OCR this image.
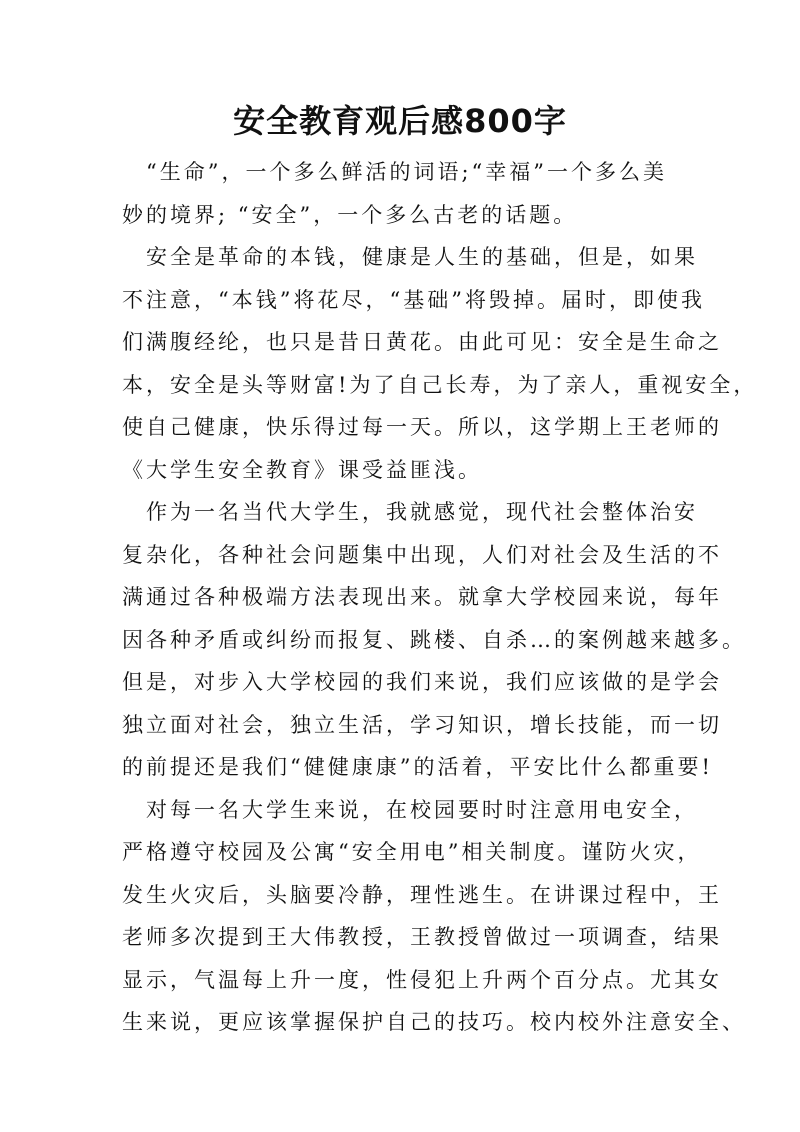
安全教育观后感800字
　“生命”，一个多么鲜活的词语;“幸福”一个多么美
妙的境界; “安全”，一个多么古老的话题。
　安全是革命的本钱，健康是人生的基础，但是，如果
不注意，“本钱”将花尽，“基础”将毁掉。届时，即使我
们满腹经纶，也只是昔日黄花。由此可见：安全是生命之
本，安全是头等财富!为了自己长寿，为了亲人，重视安全，
使自己健康，快乐得过每一天。所以，这学期上王老师的
《大学生安全教育》课受益匪浅。
　作为一名当代大学生，我就感觉，现代社会整体治安
复杂化，各种社会问题集中出现，人们对社会及生活的不
满通过各种极端方法表现出来。就拿大学校园来说，每年
因各种矛盾或纠纷而报复、跳楼、自杀…的案例越来越多。
但是，对步入大学校园的我们来说，我们应该做的是学会
独立面对社会，独立生活，学习知识，增长技能，而一切
的前提还是我们“健健康康”的活着，平安比什么都重要!
　对每一名大学生来说，在校园要时时注意用电安全，
严格遵守校园及公寓“安全用电”相关制度。谨防火灾，
发生火灾后，头脑要冷静，理性逃生。在讲课过程中，王
老师多次提到王大伟教授，王教授曾做过一项调查，结果
显示，气温每上升一度，性侵犯上升两个百分点。尤其女
生来说，更应该掌握保护自己的技巧。校内校外注意安全、
